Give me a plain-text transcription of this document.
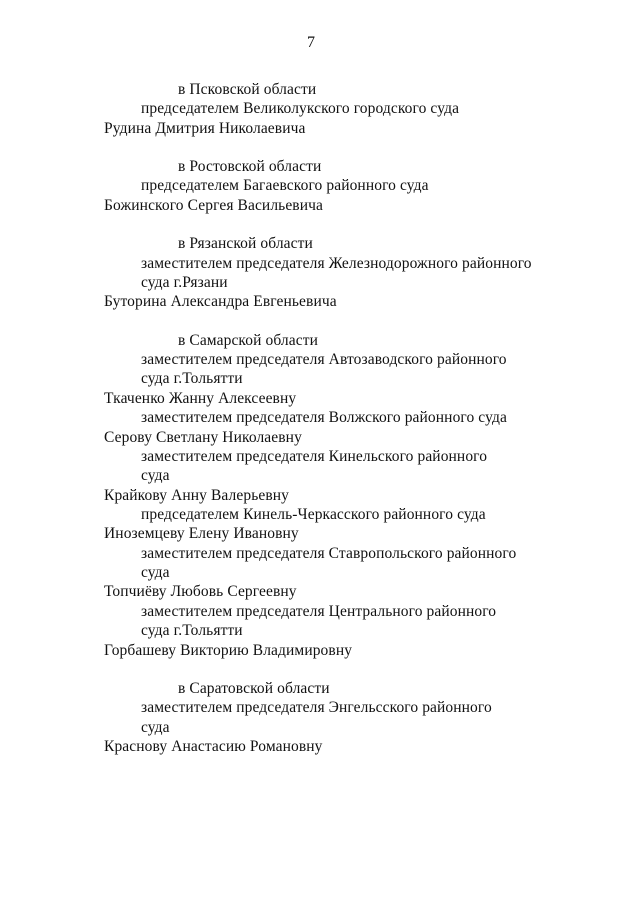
7
в Псковской области
председателем Великолукского городского суда
Рудина Дмитрия Николаевича
в Ростовской области
председателем Багаевского районного суда
Божинского Сергея Васильевича
в Рязанской области
заместителем председателя Железнодорожного районного
суда г.Рязани
Буторина Александра Евгеньевича
в Самарской области
заместителем председателя Автозаводского районного
суда г.Тольятти
Ткаченко Жанну Алексеевну
заместителем председателя Волжского районного суда
Серову Светлану Николаевну
заместителем председателя Кинельского районного
суда
Крайкову Анну Валерьевну
председателем Кинель-Черкасского районного суда
Иноземцеву Елену Ивановну
заместителем председателя Ставропольского районного
суда
Топчиёву Любовь Сергеевну
заместителем председателя Центрального районного
суда г.Тольятти
Горбашеву Викторию Владимировну
в Саратовской области
заместителем председателя Энгельсского районного
суда
Краснову Анастасию Романовну
